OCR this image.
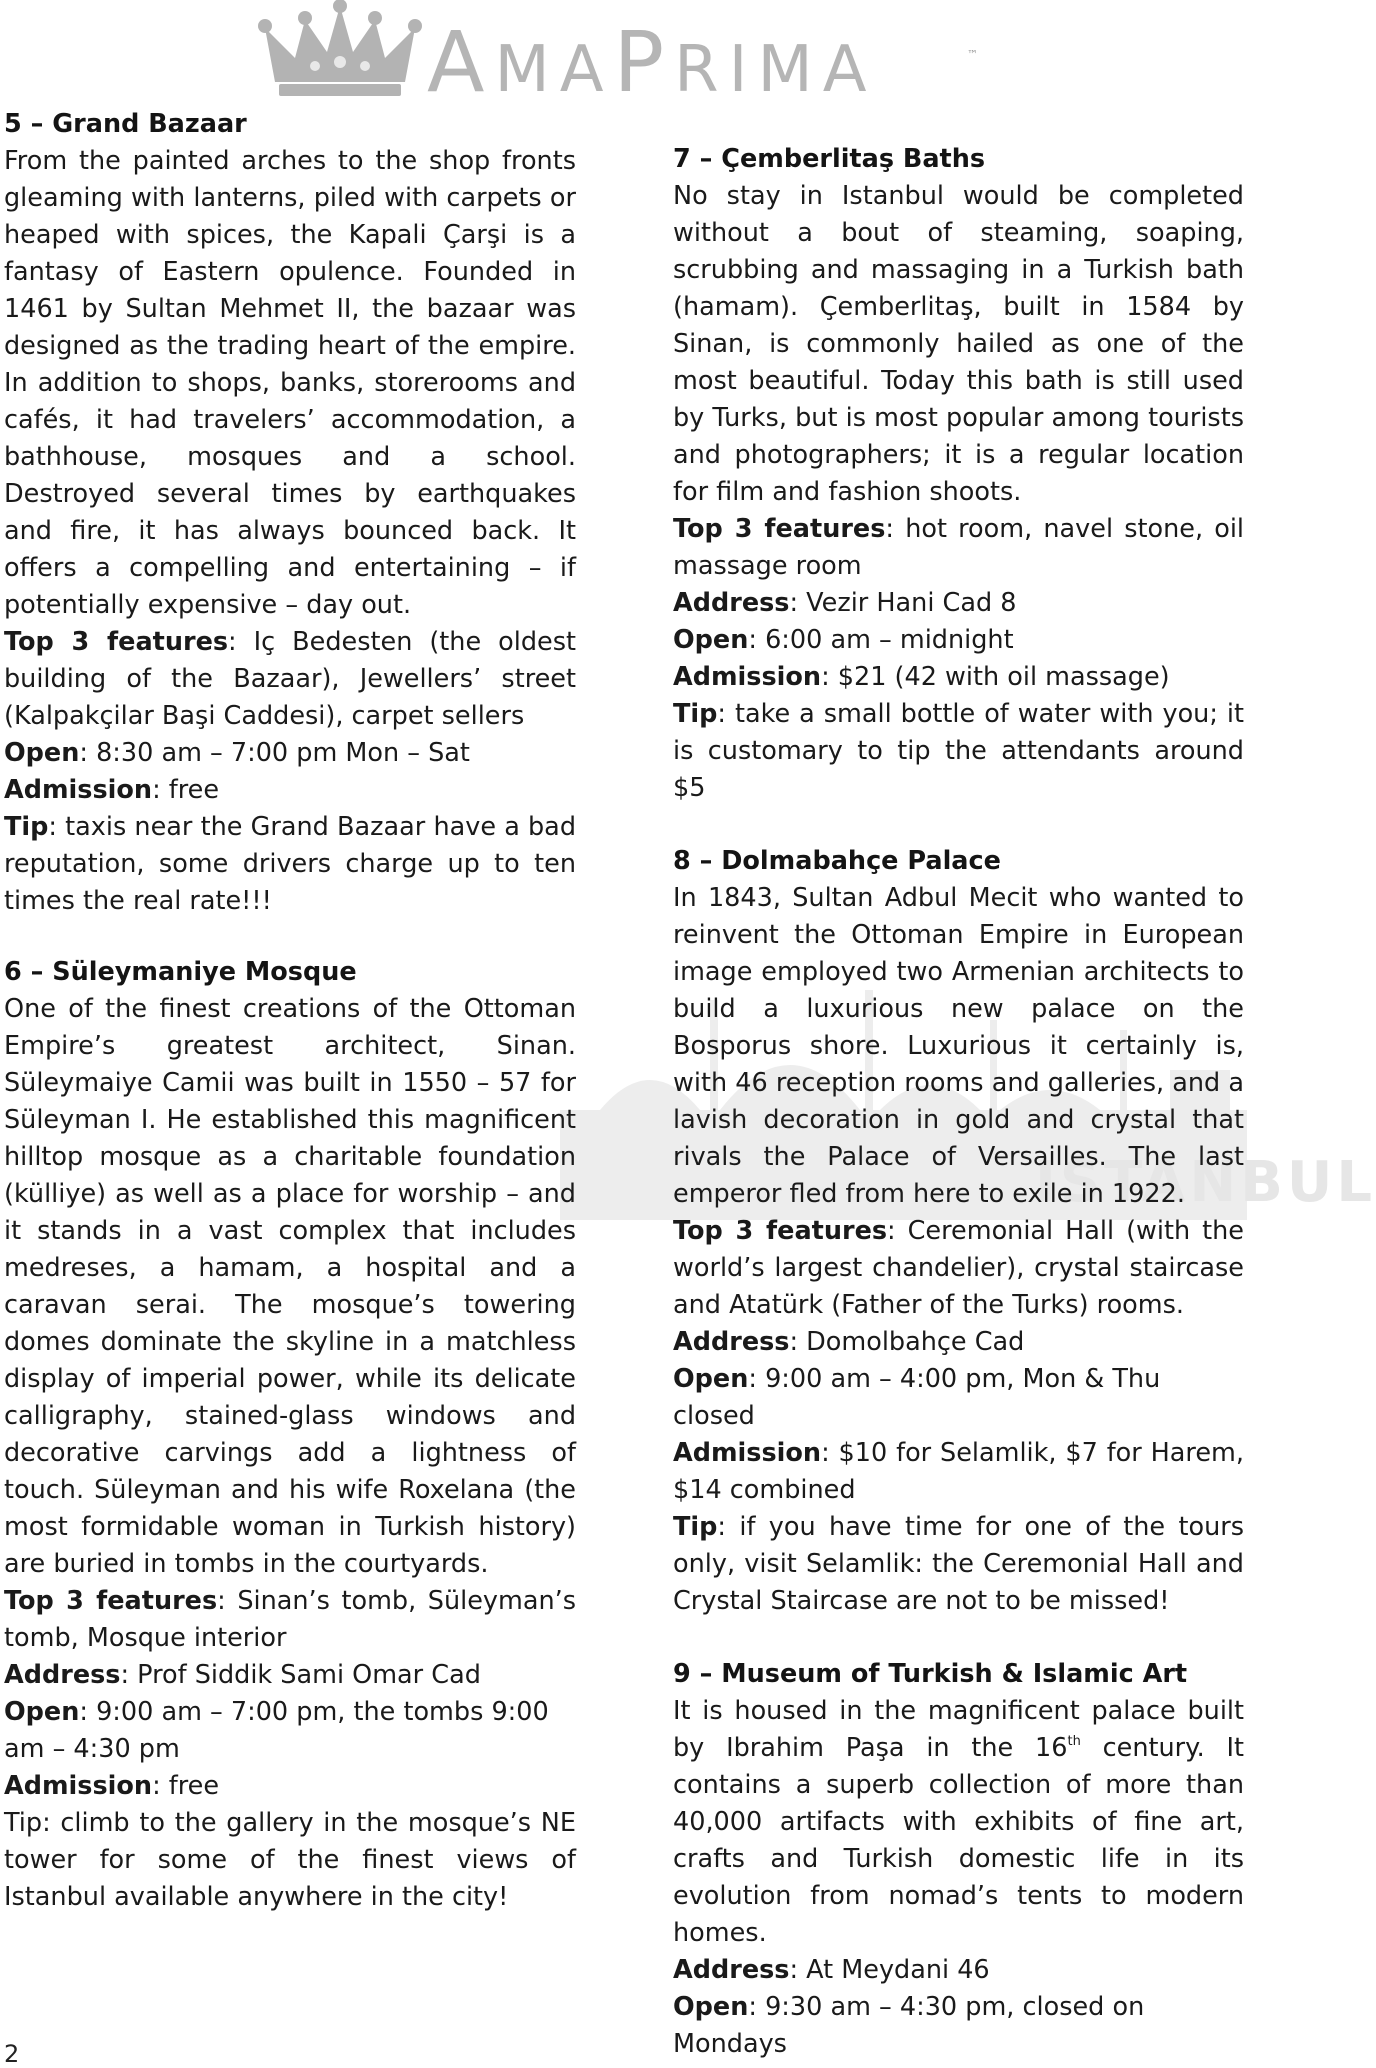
AMAPRIMA	™
ISTANBUL
5 – Grand Bazaar

From the painted arches to the shop fronts gleaming with lanterns, piled with carpets or heaped with spices, the Kapali Çarşi is a fantasy of Eastern opulence. Founded in 1461 by Sultan Mehmet II, the bazaar was designed as the trading heart of the empire. In addition to shops, banks, storerooms and cafés, it had travelers’ accommodation, a bathhouse, mosques and a school. Destroyed several times by earthquakes and fire, it has always bounced back. It offers a compelling and entertaining – if potentially expensive – day out.

Top 3 features: Iç Bedesten (the oldest building of the Bazaar), Jewellers’ street (Kalpakçilar Başi Caddesi), carpet sellers

Open: 8:30 am – 7:00 pm Mon – Sat

Admission: free

Tip: taxis near the Grand Bazaar have a bad reputation, some drivers charge up to ten times the real rate!!!

6 – Süleymaniye Mosque

One of the finest creations of the Ottoman Empire’s greatest architect, Sinan. Süleymaiye Camii was built in 1550 – 57 for Süleyman I. He established this magnificent hilltop mosque as a charitable foundation (külliye) as well as a place for worship – and it stands in a vast complex that includes medreses, a hamam, a hospital and a caravan serai. The mosque’s towering domes dominate the skyline in a matchless display of imperial power, while its delicate calligraphy, stained-glass windows and decorative carvings add a lightness of touch. Süleyman and his wife Roxelana (the most formidable woman in Turkish history) are buried in tombs in the courtyards.

Top 3 features: Sinan’s tomb, Süleyman’s tomb, Mosque interior

Address: Prof Siddik Sami Omar Cad

Open: 9:00 am – 7:00 pm, the tombs 9:00 am – 4:30 pm

Admission: free

Tip: climb to the gallery in the mosque’s NE tower for some of the finest views of Istanbul available anywhere in the city!

7 – Çemberlitaş Baths

No stay in Istanbul would be completed without a bout of steaming, soaping, scrubbing and massaging in a Turkish bath (hamam). Çemberlitaş, built in 1584 by Sinan, is commonly hailed as one of the most beautiful. Today this bath is still used by Turks, but is most popular among tourists and photographers; it is a regular location for film and fashion shoots.

Top 3 features: hot room, navel stone, oil massage room

Address: Vezir Hani Cad 8

Open: 6:00 am – midnight

Admission: $21 (42 with oil massage)

Tip: take a small bottle of water with you; it is customary to tip the attendants around $5

8 – Dolmabahçe Palace

In 1843, Sultan Adbul Mecit who wanted to reinvent the Ottoman Empire in European image employed two Armenian architects to build a luxurious new palace on the Bosporus shore. Luxurious it certainly is, with 46 reception rooms and galleries, and a lavish decoration in gold and crystal that rivals the Palace of Versailles. The last emperor fled from here to exile in 1922.

Top 3 features: Ceremonial Hall (with the world’s largest chandelier), crystal staircase and Atatürk (Father of the Turks) rooms.

Address: Domolbahçe Cad

Open: 9:00 am – 4:00 pm, Mon & Thu closed

Admission: $10 for Selamlik, $7 for Harem, $14 combined

Tip: if you have time for one of the tours only, visit Selamlik: the Ceremonial Hall and Crystal Staircase are not to be missed!

9 – Museum of Turkish & Islamic Art

It is housed in the magnificent palace built by Ibrahim Paşa in the 16th century. It contains a superb collection of more than 40,000 artifacts with exhibits of fine art, crafts and Turkish domestic life in its evolution from nomad’s tents to modern homes.

Address: At Meydani 46

Open: 9:30 am – 4:30 pm, closed on Mondays

2
